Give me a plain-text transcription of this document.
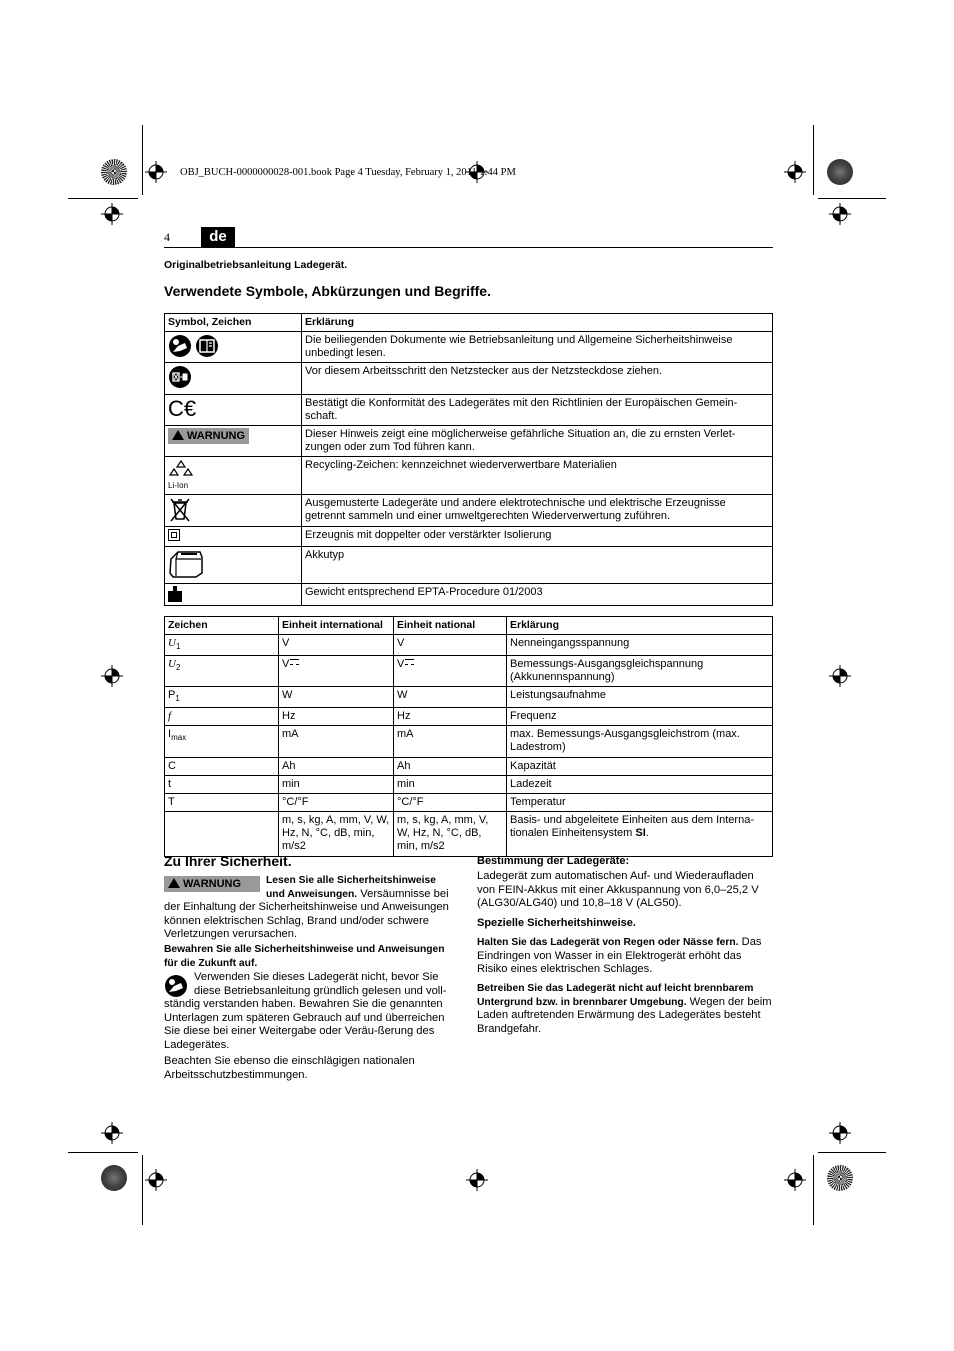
OBJ_BUCH-0000000028-001.book Page 4 Tuesday, February 1, 2011 1:44 PM
4	de
Originalbetriebsanleitung Ladegerät.
Verwendete Symbole, Abkürzungen und Begriffe.
Symbol, Zeichen	Erklärung
	Die beiliegenden Dokumente wie Betriebsanleitung und Allgemeine Sicherheitshinweise unbedingt lesen.
	Vor diesem Arbeitsschritt den Netzstecker aus der Netzsteckdose ziehen.
C€	Bestätigt die Konformität des Ladegerätes mit den Richtlinien der Europäischen Gemein-schaft.
WARNUNG	Dieser Hinweis zeigt eine möglicherweise gefährliche Situation an, die zu ernsten Verlet-zungen oder zum Tod führen kann.

Li-Ion	Recycling-Zeichen: kennzeichnet wiederverwertbare Materialien
	Ausgemusterte Ladegeräte und andere elektrotechnische und elektrische Erzeugnisse getrennt sammeln und einer umweltgerechten Wiederverwertung zuführen.
	Erzeugnis mit doppelter oder verstärkter Isolierung
	Akkutyp
	Gewicht entsprechend EPTA-Procedure 01/2003
Zeichen	Einheit international	Einheit national	Erklärung
$U_1$	V	V	Nenneingangsspannung
$U_2$	V	V	Bemessungs-Ausgangsgleichspannung (Akkunennspannung)
$P_1$	W	W	Leistungsaufnahme
f	Hz	Hz	Frequenz
$I_{max}$	mA	mA	max. Bemessungs-Ausgangsgleichstrom (max. Ladestrom)
C	Ah	Ah	Kapazität
t	min	min	Ladezeit
T	°C/°F	°C/°F	Temperatur
	m, s, kg, A, mm, V, W, Hz, N, °C, dB, min, m/s2	m, s, kg, A, mm, V, W, Hz, N, °C, dB, min, m/s2	Basis- und abgeleitete Einheiten aus dem Interna-tionalen Einheitensystem SI.
Zu Ihrer Sicherheit.
WARNUNG	Lesen Sie alle Sicherheitshinweise und Anweisungen. Versäumnisse bei der Einhaltung der Sicherheitshinweise und Anweisungen können elektrischen Schlag, Brand und/oder schwere Verletzungen verursachen.
Bewahren Sie alle Sicherheitshinweise und Anweisungen für die Zukunft auf.
Verwenden Sie dieses Ladegerät nicht, bevor Sie diese Betriebsanleitung gründlich gelesen und voll-ständig verstanden haben. Bewahren Sie die genannten Unterlagen zum späteren Gebrauch auf und überreichen Sie diese bei einer Weitergabe oder Veräu-ßerung des Ladegerätes.
Beachten Sie ebenso die einschlägigen nationalen Arbeitsschutzbestimmungen.
Bestimmung der Ladegeräte:
Ladegerät zum automatischen Auf- und Wiederaufladen von FEIN-Akkus mit einer Akkuspannung von 6,0–25,2 V (ALG30/ALG40) und 10,8–18 V (ALG50).
Spezielle Sicherheitshinweise.
Halten Sie das Ladegerät von Regen oder Nässe fern. Das Eindringen von Wasser in ein Elektrogerät erhöht das Risiko eines elektrischen Schlages.
Betreiben Sie das Ladegerät nicht auf leicht brennbarem Untergrund bzw. in brennbarer Umgebung. Wegen der beim Laden auftretenden Erwärmung des Ladegerätes besteht Brandgefahr.
